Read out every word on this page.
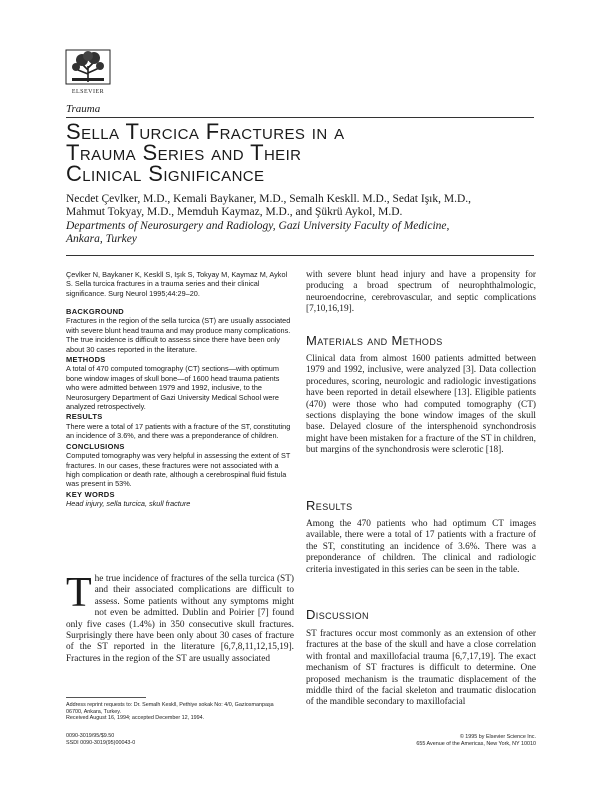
ELSEVIER
Trauma
Sella Turcica Fractures in a
Trauma Series and Their
Clinical Significance
Necdet Çevlker, M.D., Kemali Baykaner, M.D., Semalh Keskll. M.D., Sedat Işık, M.D.,
Mahmut Tokyay, M.D., Memduh Kaymaz, M.D., and Şükrü Aykol, M.D.
Departments of Neurosurgery and Radiology, Gazi University Faculty of Medicine,
Ankara, Turkey
Çevlker N, Baykaner K, Keskll S, Işık S, Tokyay M, Kaymaz M, Aykol S. Sella turcica fractures in a trauma series and their clinical significance. Surg Neurol 1995;44:29–20.
BACKGROUND
Fractures in the region of the sella turcica (ST) are usually associated with severe blunt head trauma and may produce many complications. The true incidence is difficult to assess since there have been only about 30 cases reported in the literature.
METHODS
A total of 470 computed tomography (CT) sections—with optimum bone window images of skull bone—of 1600 head trauma patients who were admitted between 1979 and 1992, inclusive, to the Neurosurgery Department of Gazi University Medical School were analyzed retrospectively.
RESULTS
There were a total of 17 patients with a fracture of the ST, constituting an incidence of 3.6%, and there was a preponderance of children.
CONCLUSIONS
Computed tomography was very helpful in assessing the extent of ST fractures. In our cases, these fractures were not associated with a high complication or death rate, although a cerebrospinal fluid fistula was present in 53%.
KEY WORDS
Head injury, sella turcica, skull fracture
The true incidence of fractures of the sella turcica (ST) and their associated complications are difficult to assess. Some patients without any symptoms might not even be admitted. Dublin and Poirier [7] found only five cases (1.4%) in 350 consecutive skull fractures. Surprisingly there have been only about 30 cases of fracture of the ST reported in the literature [6,7,8,11,12,15,19]. Fractures in the region of the ST are usually associated
Address reprint requests to: Dr. Semalh Keskll, Pethiye sokak No: 4/0, Gaziosmanpaşa 06700, Ankara, Turkey.
Received August 16, 1994; accepted December 12, 1994.
0090-3019/95/$9.50
SSDI 0090-3019(95)00043-0
with severe blunt head injury and have a propensity for producing a broad spectrum of neurophthalmologic, neuroendocrine, cerebrovascular, and septic complications [7,10,16,19].
Materials and Methods
Clinical data from almost 1600 patients admitted between 1979 and 1992, inclusive, were analyzed [3]. Data collection procedures, scoring, neurologic and radiologic investigations have been reported in detail elsewhere [13]. Eligible patients (470) were those who had computed tomography (CT) sections displaying the bone window images of the skull base. Delayed closure of the intersphenoid synchondrosis might have been mistaken for a fracture of the ST in children, but margins of the synchondrosis were sclerotic [18].
Results
Among the 470 patients who had optimum CT images available, there were a total of 17 patients with a fracture of the ST, constituting an incidence of 3.6%. There was a preponderance of children. The clinical and radiologic criteria investigated in this series can be seen in the table.
Discussion
ST fractures occur most commonly as an extension of other fractures at the base of the skull and have a close correlation with frontal and maxillofacial trauma [6,7,17,19]. The exact mechanism of ST fractures is difficult to determine. One proposed mechanism is the traumatic displacement of the middle third of the facial skeleton and traumatic dislocation of the mandible secondary to maxillofacial
© 1995 by Elsevier Science Inc.
655 Avenue of the Americas, New York, NY 10010
